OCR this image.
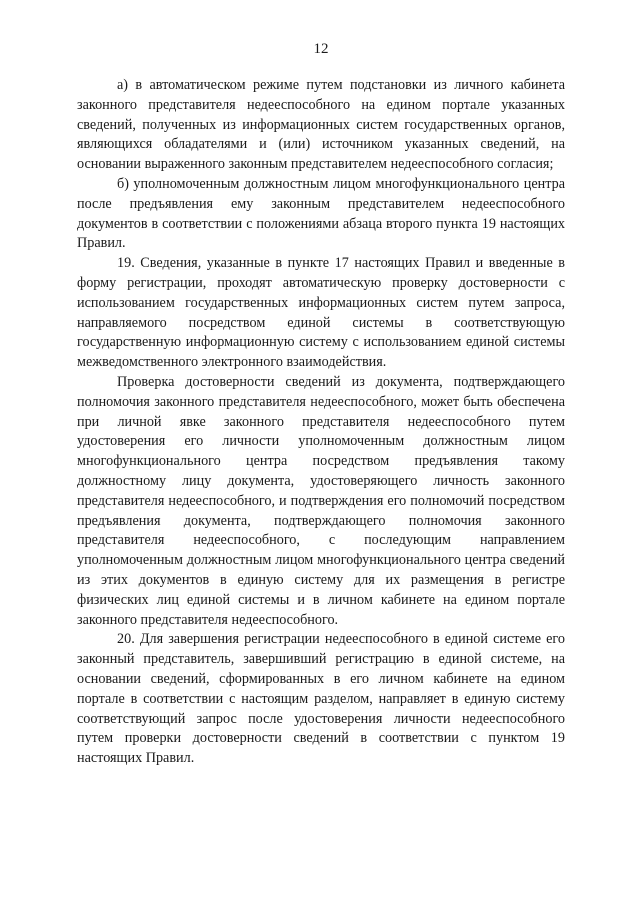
12

а) в автоматическом режиме путем подстановки из личного кабинета законного представителя недееспособного на едином портале указанных сведений, полученных из информационных систем государственных органов, являющихся обладателями и (или) источником указанных сведений, на основании выраженного законным представителем недееспособного согласия;

б) уполномоченным должностным лицом многофункционального центра после предъявления ему законным представителем недееспособного документов в соответствии с положениями абзаца второго пункта 19 настоящих Правил.

19. Сведения, указанные в пункте 17 настоящих Правил и введенные в форму регистрации, проходят автоматическую проверку достоверности с использованием государственных информационных систем путем запроса, направляемого посредством единой системы в соответствующую государственную информационную систему с использованием единой системы межведомственного электронного взаимодействия.

Проверка достоверности сведений из документа, подтверждающего полномочия законного представителя недееспособного, может быть обеспечена при личной явке законного представителя недееспособного путем удостоверения его личности уполномоченным должностным лицом многофункционального центра посредством предъявления такому должностному лицу документа, удостоверяющего личность законного представителя недееспособного, и подтверждения его полномочий посредством предъявления документа, подтверждающего полномочия законного представителя недееспособного, с последующим направлением уполномоченным должностным лицом многофункционального центра сведений из этих документов в единую систему для их размещения в регистре физических лиц единой системы и в личном кабинете на едином портале законного представителя недееспособного.

20. Для завершения регистрации недееспособного в единой системе его законный представитель, завершивший регистрацию в единой системе, на основании сведений, сформированных в его личном кабинете на едином портале в соответствии с настоящим разделом, направляет в единую систему соответствующий запрос после удостоверения личности недееспособного путем проверки достоверности сведений в соответствии с пунктом 19 настоящих Правил.
